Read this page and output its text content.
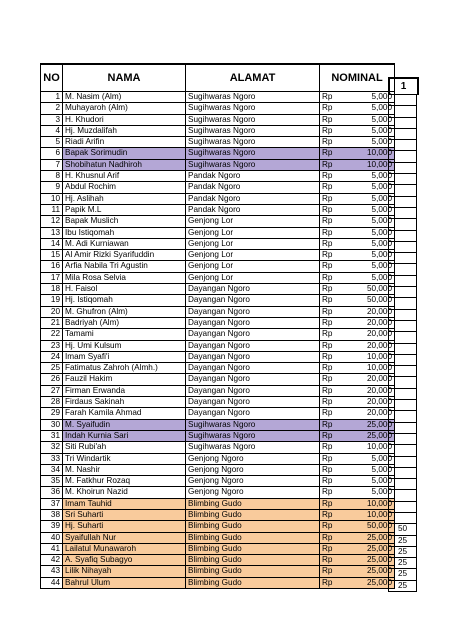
NO	NAMA	ALAMAT	NOMINAL	
1	M. Nasim (Alm)	Sugihwaras Ngoro	Rp	5,000
2	Muhayaroh (Alm)	Sugihwaras Ngoro	Rp	5,000
3	H. Khudori	Sugihwaras Ngoro	Rp	5,000
4	Hj. Muzdalifah	Sugihwaras Ngoro	Rp	5,000
5	Riadi Arifin	Sugihwaras Ngoro	Rp	5,000
6	Bapak Sorimudin	Sugihwaras Ngoro	Rp	10,000
7	Shobihatun Nadhiroh	Sugihwaras Ngoro	Rp	10,000
8	H. Khusnul Arif	Pandak Ngoro	Rp	5,000
9	Abdul Rochim	Pandak Ngoro	Rp	5,000
10	Hj. Aslihah	Pandak Ngoro	Rp	5,000
11	Papik M.L	Pandak Ngoro	Rp	5,000
12	Bapak Muslich	Genjong Lor	Rp	5,000
13	Ibu Istiqomah	Genjong Lor	Rp	5,000
14	M. Adi Kurniawan	Genjong Lor	Rp	5,000
15	Al Amir Rizki Syarifuddin	Genjong Lor	Rp	5,000
16	Arfia Nabila Tri Agustin	Genjong Lor	Rp	5,000
17	Mila Rosa Selvia	Genjong Lor	Rp	5,000
18	H. Faisol	Dayangan Ngoro	Rp	50,000
19	Hj. Istiqomah	Dayangan Ngoro	Rp	50,000
20	M. Ghufron (Alm)	Dayangan Ngoro	Rp	20,000
21	Badriyah (Alm)	Dayangan Ngoro	Rp	20,000
22	Tamami	Dayangan Ngoro	Rp	20,000
23	Hj. Umi Kulsum	Dayangan Ngoro	Rp	20,000
24	Imam Syafi'i	Dayangan Ngoro	Rp	10,000
25	Fatimatus Zahroh (Almh.)	Dayangan Ngoro	Rp	10,000
26	Fauzil Hakim	Dayangan Ngoro	Rp	20,000
27	Firman Erwanda	Dayangan Ngoro	Rp	20,000
28	Firdaus Sakinah	Dayangan Ngoro	Rp	20,000
29	Farah Kamila Ahmad	Dayangan Ngoro	Rp	20,000
30	M. Syaifudin	Sugihwaras Ngoro	Rp	25,000
31	Indah Kurnia Sari	Sugihwaras Ngoro	Rp	25,000
32	Siti Rubi'ah	Sugihwaras Ngoro	Rp	10,000
33	Tri Windartik	Genjong Ngoro	Rp	5,000
34	M. Nashir	Genjong Ngoro	Rp	5,000
35	M. Fatkhur Rozaq	Genjong Ngoro	Rp	5,000
36	M. Khoirun Nazid	Genjong Ngoro	Rp	5,000
37	Imam Tauhid	Blimbing Gudo	Rp	10,000
38	Sri Suharti	Blimbing Gudo	Rp	10,000
39	Hj. Suharti	Blimbing Gudo	Rp	50,000
40	Syaifullah Nur	Blimbing Gudo	Rp	25,000
41	Lailatul Munawaroh	Blimbing Gudo	Rp	25,000
42	A. Syafiq Subagyo	Blimbing Gudo	Rp	25,000
43	Lilik Nihayah	Blimbing Gudo	Rp	25,000
44	Bahrul Ulum	Blimbing Gudo	Rp	25,000
1

50
25
25
25
25
25
